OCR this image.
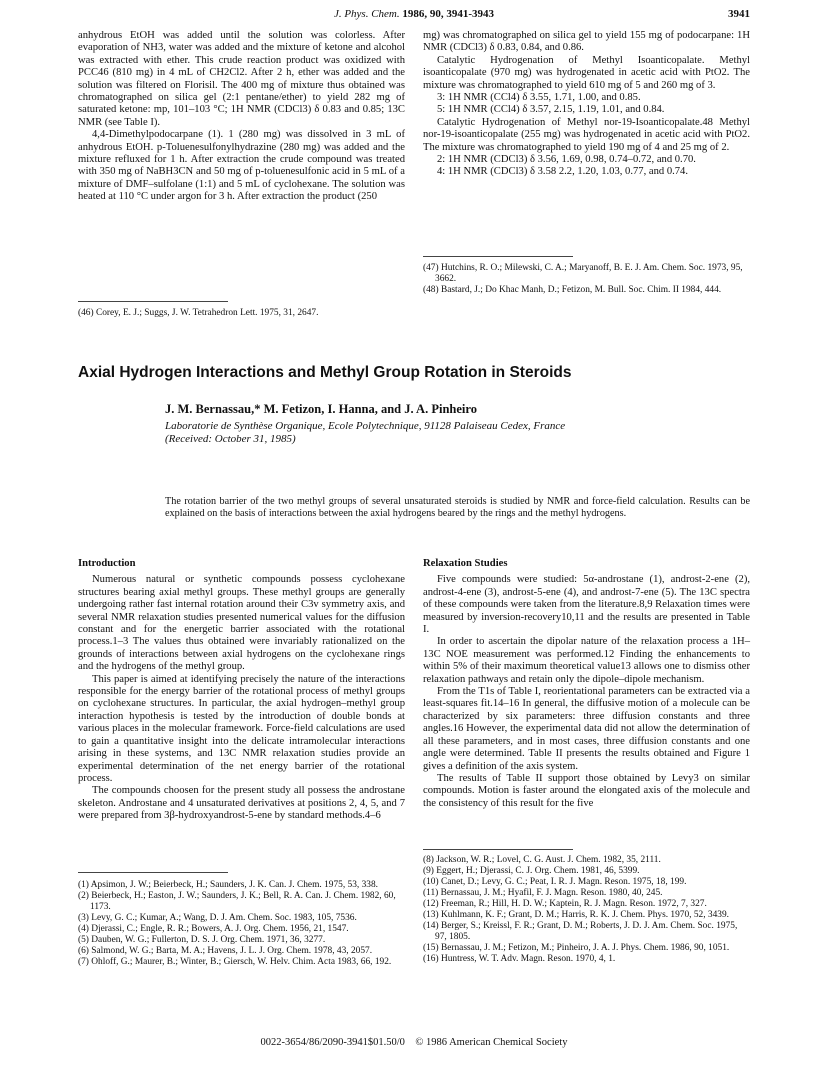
J. Phys. Chem. 1986, 90, 3941-3943	3941

anhydrous EtOH was added until the solution was colorless. After evaporation of NH3, water was added and the mixture of ketone and alcohol was extracted with ether. This crude reaction product was oxidized with PCC46 (810 mg) in 4 mL of CH2Cl2. After 2 h, ether was added and the solution was filtered on Florisil. The 400 mg of mixture thus obtained was chromatographed on silica gel (2:1 pentane/ether) to yield 282 mg of saturated ketone: mp, 101–103 °C; 1H NMR (CDCl3) δ 0.83 and 0.85; 13C NMR (see Table I).

4,4-Dimethylpodocarpane (1). 1 (280 mg) was dissolved in 3 mL of anhydrous EtOH. p-Toluenesulfonylhydrazine (280 mg) was added and the mixture refluxed for 1 h. After extraction the crude compound was treated with 350 mg of NaBH3CN and 50 mg of p-toluenesulfonic acid in 5 mL of a mixture of DMF–sulfolane (1:1) and 5 mL of cyclohexane. The solution was heated at 110 °C under argon for 3 h. After extraction the product (250

(46) Corey, E. J.; Suggs, J. W. Tetrahedron Lett. 1975, 31, 2647.

mg) was chromatographed on silica gel to yield 155 mg of podocarpane: 1H NMR (CDCl3) δ 0.83, 0.84, and 0.86.

Catalytic Hydrogenation of Methyl Isoanticopalate. Methyl isoanticopalate (970 mg) was hydrogenated in acetic acid with PtO2. The mixture was chromatographed to yield 610 mg of 5 and 260 mg of 3.

3: 1H NMR (CCl4) δ 3.55, 1.71, 1.00, and 0.85.

5: 1H NMR (CCl4) δ 3.57, 2.15, 1.19, 1.01, and 0.84.

Catalytic Hydrogenation of Methyl nor-19-Isoanticopalate.48 Methyl nor-19-isoanticopalate (255 mg) was hydrogenated in acetic acid with PtO2. The mixture was chromatographed to yield 190 mg of 4 and 25 mg of 2.

2: 1H NMR (CDCl3) δ 3.56, 1.69, 0.98, 0.74–0.72, and 0.70.

4: 1H NMR (CDCl3) δ 3.58 2.2, 1.20, 1.03, 0.77, and 0.74.

(47) Hutchins, R. O.; Milewski, C. A.; Maryanoff, B. E. J. Am. Chem. Soc. 1973, 95, 3662.
(48) Bastard, J.; Do Khac Manh, D.; Fetizon, M. Bull. Soc. Chim. II 1984, 444.
Axial Hydrogen Interactions and Methyl Group Rotation in Steroids
J. M. Bernassau,* M. Fetizon, I. Hanna, and J. A. Pinheiro
Laboratorie de Synthèse Organique, Ecole Polytechnique, 91128 Palaiseau Cedex, France
(Received: October 31, 1985)
The rotation barrier of the two methyl groups of several unsaturated steroids is studied by NMR and force-field calculation. Results can be explained on the basis of interactions between the axial hydrogens beared by the rings and the methyl hydrogens.
Introduction

Numerous natural or synthetic compounds possess cyclohexane structures bearing axial methyl groups. These methyl groups are generally undergoing rather fast internal rotation around their C3v symmetry axis, and several NMR relaxation studies presented numerical values for the diffusion constant and for the energetic barrier associated with the rotational process.1–3 The values thus obtained were invariably rationalized on the grounds of interactions between axial hydrogens on the cyclohexane rings and the hydrogens of the methyl group.

This paper is aimed at identifying precisely the nature of the interactions responsible for the energy barrier of the rotational process of methyl groups on cyclohexane structures. In particular, the axial hydrogen–methyl group interaction hypothesis is tested by the introduction of double bonds at various places in the molecular framework. Force-field calculations are used to gain a quantitative insight into the delicate intramolecular interactions arising in these systems, and 13C NMR relaxation studies provide an experimental determination of the net energy barrier of the rotational process.

The compounds choosen for the present study all possess the androstane skeleton. Androstane and 4 unsaturated derivatives at positions 2, 4, 5, and 7 were prepared from 3β-hydroxyandrost-5-ene by standard methods.4–6

(1) Apsimon, J. W.; Beierbeck, H.; Saunders, J. K. Can. J. Chem. 1975, 53, 338.
(2) Beierbeck, H.; Easton, J. W.; Saunders, J. K.; Bell, R. A. Can. J. Chem. 1982, 60, 1173.
(3) Levy, G. C.; Kumar, A.; Wang, D. J. Am. Chem. Soc. 1983, 105, 7536.
(4) Djerassi, C.; Engle, R. R.; Bowers, A. J. Org. Chem. 1956, 21, 1547.
(5) Dauben, W. G.; Fullerton, D. S. J. Org. Chem. 1971, 36, 3277.
(6) Salmond, W. G.; Barta, M. A.; Havens, J. L. J. Org. Chem. 1978, 43, 2057.
(7) Ohloff, G.; Maurer, B.; Winter, B.; Giersch, W. Helv. Chim. Acta 1983, 66, 192.
Relaxation Studies

Five compounds were studied: 5α-androstane (1), androst-2-ene (2), androst-4-ene (3), androst-5-ene (4), and androst-7-ene (5). The 13C spectra of these compounds were taken from the literature.8,9 Relaxation times were measured by inversion-recovery10,11 and the results are presented in Table I.

In order to ascertain the dipolar nature of the relaxation process a 1H–13C NOE measurement was performed.12 Finding the enhancements to within 5% of their maximum theoretical value13 allows one to dismiss other relaxation pathways and retain only the dipole–dipole mechanism.

From the T1s of Table I, reorientational parameters can be extracted via a least-squares fit.14–16 In general, the diffusive motion of a molecule can be characterized by six parameters: three diffusion constants and three angles.16 However, the experimental data did not allow the determination of all these parameters, and in most cases, three diffusion constants and one angle were determined. Table II presents the results obtained and Figure 1 gives a definition of the axis system.

The results of Table II support those obtained by Levy3 on similar compounds. Motion is faster around the elongated axis of the molecule and the consistency of this result for the five

(8) Jackson, W. R.; Lovel, C. G. Aust. J. Chem. 1982, 35, 2111.
(9) Eggert, H.; Djerassi, C. J. Org. Chem. 1981, 46, 5399.
(10) Canet, D.; Levy, G. C.; Peat, I. R. J. Magn. Reson. 1975, 18, 199.
(11) Bernassau, J. M.; Hyafil, F. J. Magn. Reson. 1980, 40, 245.
(12) Freeman, R.; Hill, H. D. W.; Kaptein, R. J. Magn. Reson. 1972, 7, 327.
(13) Kuhlmann, K. F.; Grant, D. M.; Harris, R. K. J. Chem. Phys. 1970, 52, 3439.
(14) Berger, S.; Kreissl, F. R.; Grant, D. M.; Roberts, J. D. J. Am. Chem. Soc. 1975, 97, 1805.
(15) Bernassau, J. M.; Fetizon, M.; Pinheiro, J. A. J. Phys. Chem. 1986, 90, 1051.
(16) Huntress, W. T. Adv. Magn. Reson. 1970, 4, 1.
0022-3654/86/2090-3941$01.50/0 © 1986 American Chemical Society
